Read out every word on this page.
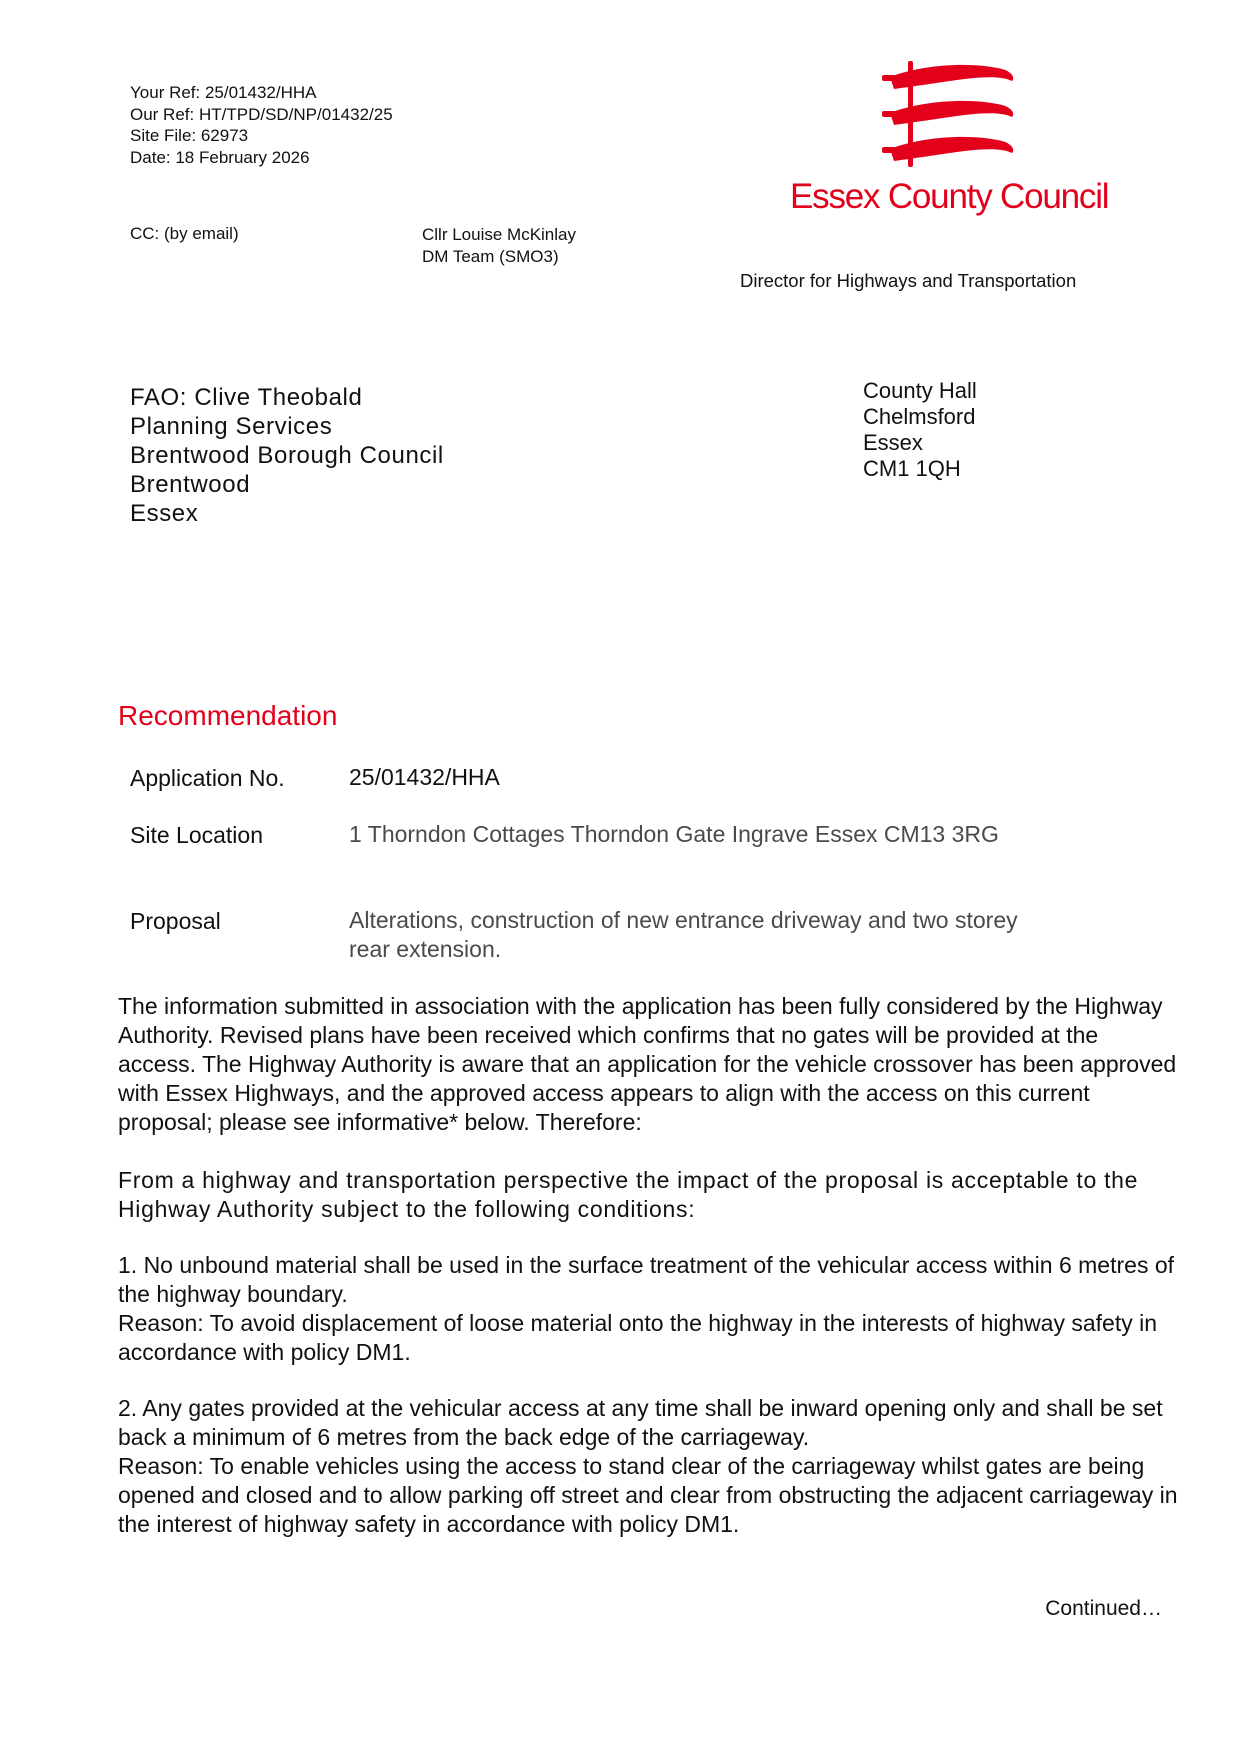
Your Ref: 25/01432/HHA
Our Ref: HT/TPD/SD/NP/01432/25
Site File: 62973
Date: 18 February 2026
Essex County Council
CC: (by email)	Cllr Louise McKinlay
DM Team (SMO3)
Director for Highways and Transportation
FAO: Clive Theobald
Planning Services
Brentwood Borough Council
Brentwood
Essex
County Hall
Chelmsford
Essex
CM1 1QH
Recommendation
Application No.	25/01432/HHA
Site Location	1 Thorndon Cottages Thorndon Gate Ingrave Essex CM13 3RG
Proposal	Alterations, construction of new entrance driveway and two storey rear extension.
The information submitted in association with the application has been fully considered by the Highway Authority. Revised plans have been received which confirms that no gates will be provided at the access. The Highway Authority is aware that an application for the vehicle crossover has been approved with Essex Highways, and the approved access appears to align with the access on this current proposal; please see informative* below. Therefore:
From a highway and transportation perspective the impact of the proposal is acceptable to the Highway Authority subject to the following conditions:
1. No unbound material shall be used in the surface treatment of the vehicular access within 6 metres of the highway boundary.
Reason: To avoid displacement of loose material onto the highway in the interests of highway safety in accordance with policy DM1.
2. Any gates provided at the vehicular access at any time shall be inward opening only and shall be set back a minimum of 6 metres from the back edge of the carriageway.
Reason: To enable vehicles using the access to stand clear of the carriageway whilst gates are being opened and closed and to allow parking off street and clear from obstructing the adjacent carriageway in the interest of highway safety in accordance with policy DM1.
Continued…
